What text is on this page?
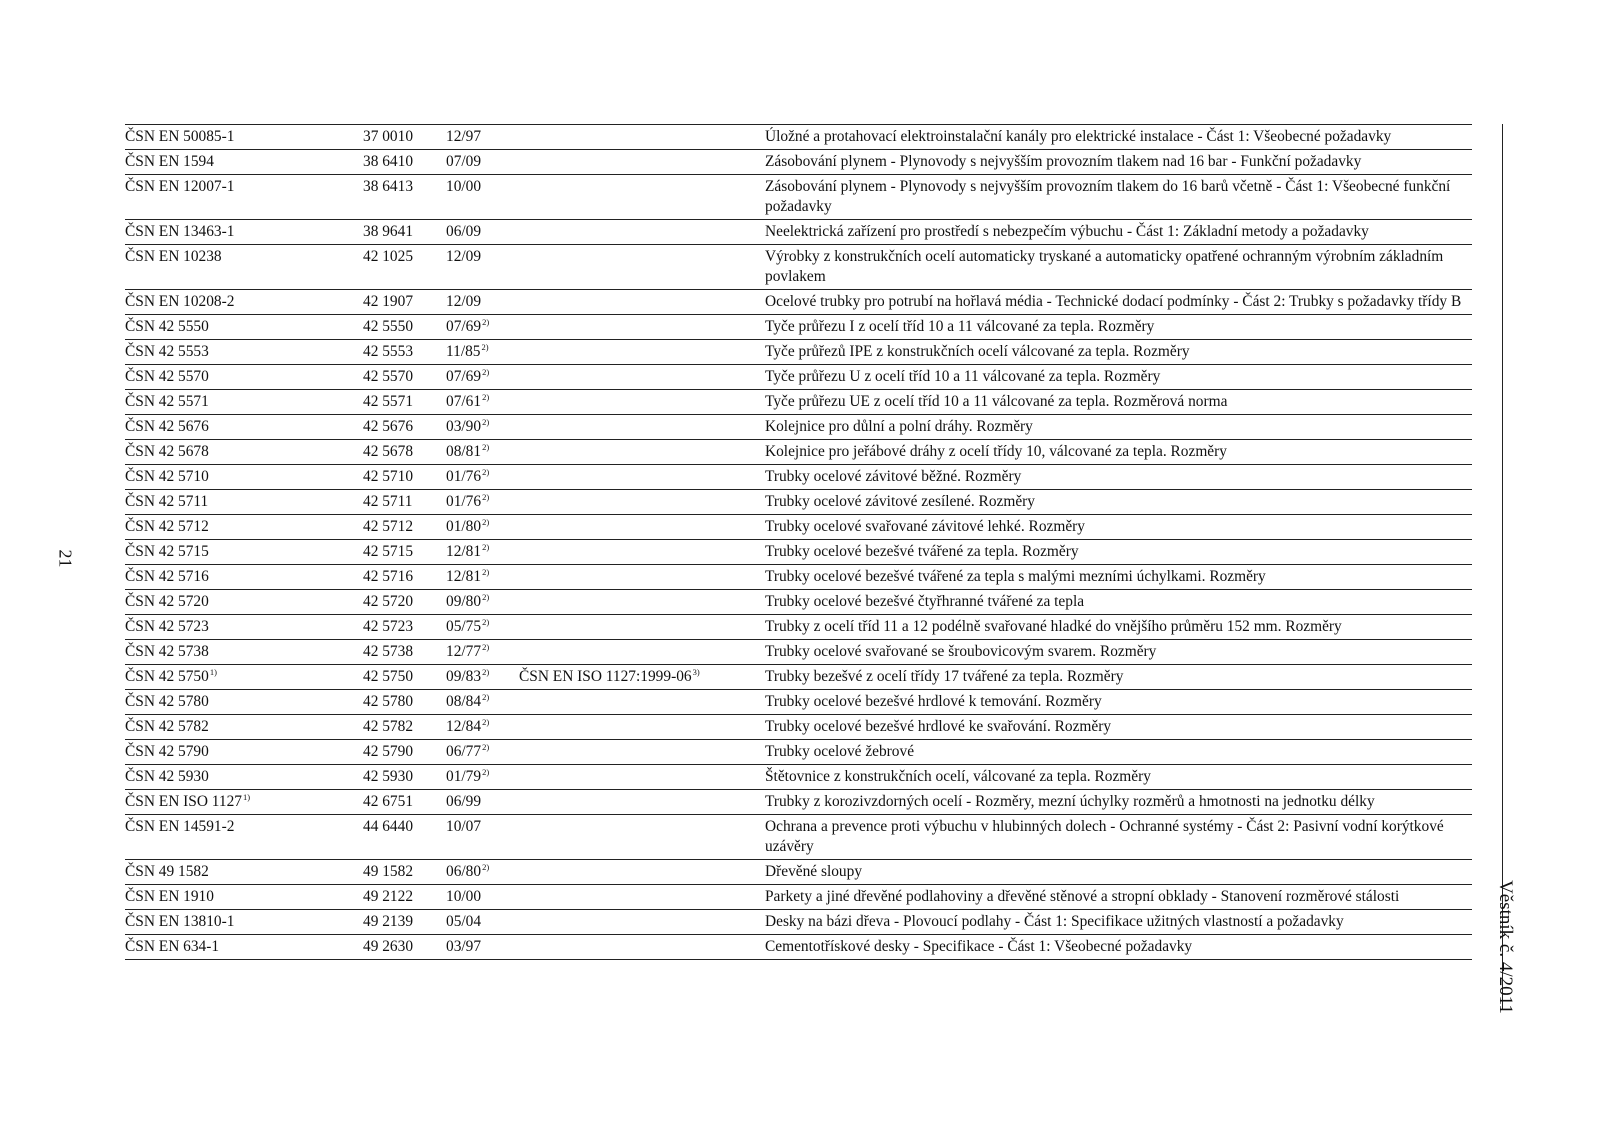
21
ČSN EN 50085-1	37 0010	12/97		Úložné a protahovací elektroinstalační kanály pro elektrické instalace - Část 1: Všeobecné požadavky
ČSN EN 1594	38 6410	07/09		Zásobování plynem - Plynovody s nejvyšším provozním tlakem nad 16 bar - Funkční požadavky
ČSN EN 12007-1	38 6413	10/00		Zásobování plynem - Plynovody s nejvyšším provozním tlakem do 16 barů včetně - Část 1: Všeobecné funkční požadavky
ČSN EN 13463-1	38 9641	06/09		Neelektrická zařízení pro prostředí s nebezpečím výbuchu - Část 1: Základní metody a požadavky
ČSN EN 10238	42 1025	12/09		Výrobky z konstrukčních ocelí automaticky tryskané a automaticky opatřené ochranným výrobním základním povlakem
ČSN EN 10208-2	42 1907	12/09		Ocelové trubky pro potrubí na hořlavá média - Technické dodací podmínky - Část 2: Trubky s požadavky třídy B
ČSN 42 5550	42 5550	07/69$^{2)}$		Tyče průřezu I z ocelí tříd 10 a 11 válcované za tepla. Rozměry
ČSN 42 5553	42 5553	11/85$^{2)}$		Tyče průřezů IPE z konstrukčních ocelí válcované za tepla. Rozměry
ČSN 42 5570	42 5570	07/69$^{2)}$		Tyče průřezu U z ocelí tříd 10 a 11 válcované za tepla. Rozměry
ČSN 42 5571	42 5571	07/61$^{2)}$		Tyče průřezu UE z ocelí tříd 10 a 11 válcované za tepla. Rozměrová norma
ČSN 42 5676	42 5676	03/90$^{2)}$		Kolejnice pro důlní a polní dráhy. Rozměry
ČSN 42 5678	42 5678	08/81$^{2)}$		Kolejnice pro jeřábové dráhy z ocelí třídy 10, válcované za tepla. Rozměry
ČSN 42 5710	42 5710	01/76$^{2)}$		Trubky ocelové závitové běžné. Rozměry
ČSN 42 5711	42 5711	01/76$^{2)}$		Trubky ocelové závitové zesílené. Rozměry
ČSN 42 5712	42 5712	01/80$^{2)}$		Trubky ocelové svařované závitové lehké. Rozměry
ČSN 42 5715	42 5715	12/81$^{2)}$		Trubky ocelové bezešvé tvářené za tepla. Rozměry
ČSN 42 5716	42 5716	12/81$^{2)}$		Trubky ocelové bezešvé tvářené za tepla s malými mezními úchylkami. Rozměry
ČSN 42 5720	42 5720	09/80$^{2)}$		Trubky ocelové bezešvé čtyřhranné tvářené za tepla
ČSN 42 5723	42 5723	05/75$^{2)}$		Trubky z ocelí tříd 11 a 12 podélně svařované hladké do vnějšího průměru 152 mm. Rozměry
ČSN 42 5738	42 5738	12/77$^{2)}$		Trubky ocelové svařované se šroubovicovým svarem. Rozměry
ČSN 42 5750$^{1)}$	42 5750	09/83$^{2)}$	ČSN EN ISO 1127:1999-06$^{3)}$	Trubky bezešvé z ocelí třídy 17 tvářené za tepla. Rozměry
ČSN 42 5780	42 5780	08/84$^{2)}$		Trubky ocelové bezešvé hrdlové k temování. Rozměry
ČSN 42 5782	42 5782	12/84$^{2)}$		Trubky ocelové bezešvé hrdlové ke svařování. Rozměry
ČSN 42 5790	42 5790	06/77$^{2)}$		Trubky ocelové žebrové
ČSN 42 5930	42 5930	01/79$^{2)}$		Štětovnice z konstrukčních ocelí, válcované za tepla. Rozměry
ČSN EN ISO 1127$^{1)}$	42 6751	06/99		Trubky z korozivzdorných ocelí - Rozměry, mezní úchylky rozměrů a hmotnosti na jednotku délky
ČSN EN 14591-2	44 6440	10/07		Ochrana a prevence proti výbuchu v hlubinných dolech - Ochranné systémy - Část 2: Pasivní vodní korýtkové uzávěry
ČSN 49 1582	49 1582	06/80$^{2)}$		Dřevěné sloupy
ČSN EN 1910	49 2122	10/00		Parkety a jiné dřevěné podlahoviny a dřevěné stěnové a stropní obklady - Stanovení rozměrové stálosti
ČSN EN 13810-1	49 2139	05/04		Desky na bázi dřeva - Plovoucí podlahy - Část 1: Specifikace užitných vlastností a požadavky
ČSN EN 634-1	49 2630	03/97		Cementotřískové desky - Specifikace - Část 1: Všeobecné požadavky	Věstník č. 4/2011
